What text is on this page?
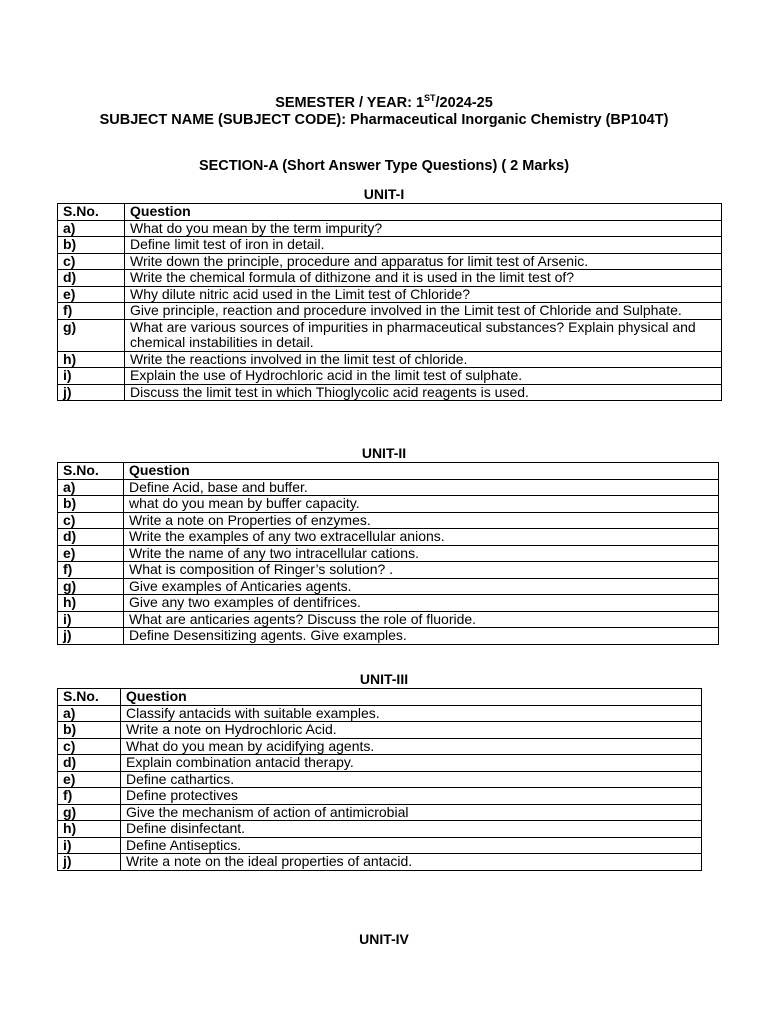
SEMESTER / YEAR: 1ST/2024-25
SUBJECT NAME (SUBJECT CODE): Pharmaceutical Inorganic Chemistry (BP104T)
SECTION-A (Short Answer Type Questions) ( 2 Marks)
UNIT-I
S.No.	Question
a)	What do you mean by the term impurity?
b)	Define limit test of iron in detail.
c)	Write down the principle, procedure and apparatus for limit test of Arsenic.
d)	Write the chemical formula of dithizone and it is used in the limit test of?
e)	Why dilute nitric acid used in the Limit test of Chloride?
f)	Give principle, reaction and procedure involved in the Limit test of Chloride and Sulphate.
g)	What are various sources of impurities in pharmaceutical substances? Explain physical and chemical instabilities in detail.
h)	Write the reactions involved in the limit test of chloride.
i)	Explain the use of Hydrochloric acid in the limit test of sulphate.
j)	Discuss the limit test in which Thioglycolic acid reagents is used.
UNIT-II
S.No.	Question
a)	Define Acid, base and buffer.
b)	what do you mean by buffer capacity.
c)	Write a note on Properties of enzymes.
d)	Write the examples of any two extracellular anions.
e)	Write the name of any two intracellular cations.
f)	What is composition of Ringer’s solution? .
g)	Give examples of Anticaries agents.
h)	Give any two examples of dentifrices.
i)	What are anticaries agents? Discuss the role of fluoride.
j)	Define Desensitizing agents. Give examples.
UNIT-III
S.No.	Question
a)	Classify antacids with suitable examples.
b)	Write a note on Hydrochloric Acid.
c)	What do you mean by acidifying agents.
d)	Explain combination antacid therapy.
e)	Define cathartics.
f)	Define protectives
g)	Give the mechanism of action of antimicrobial
h)	Define disinfectant.
i)	Define Antiseptics.
j)	Write a note on the ideal properties of antacid.
UNIT-IV
